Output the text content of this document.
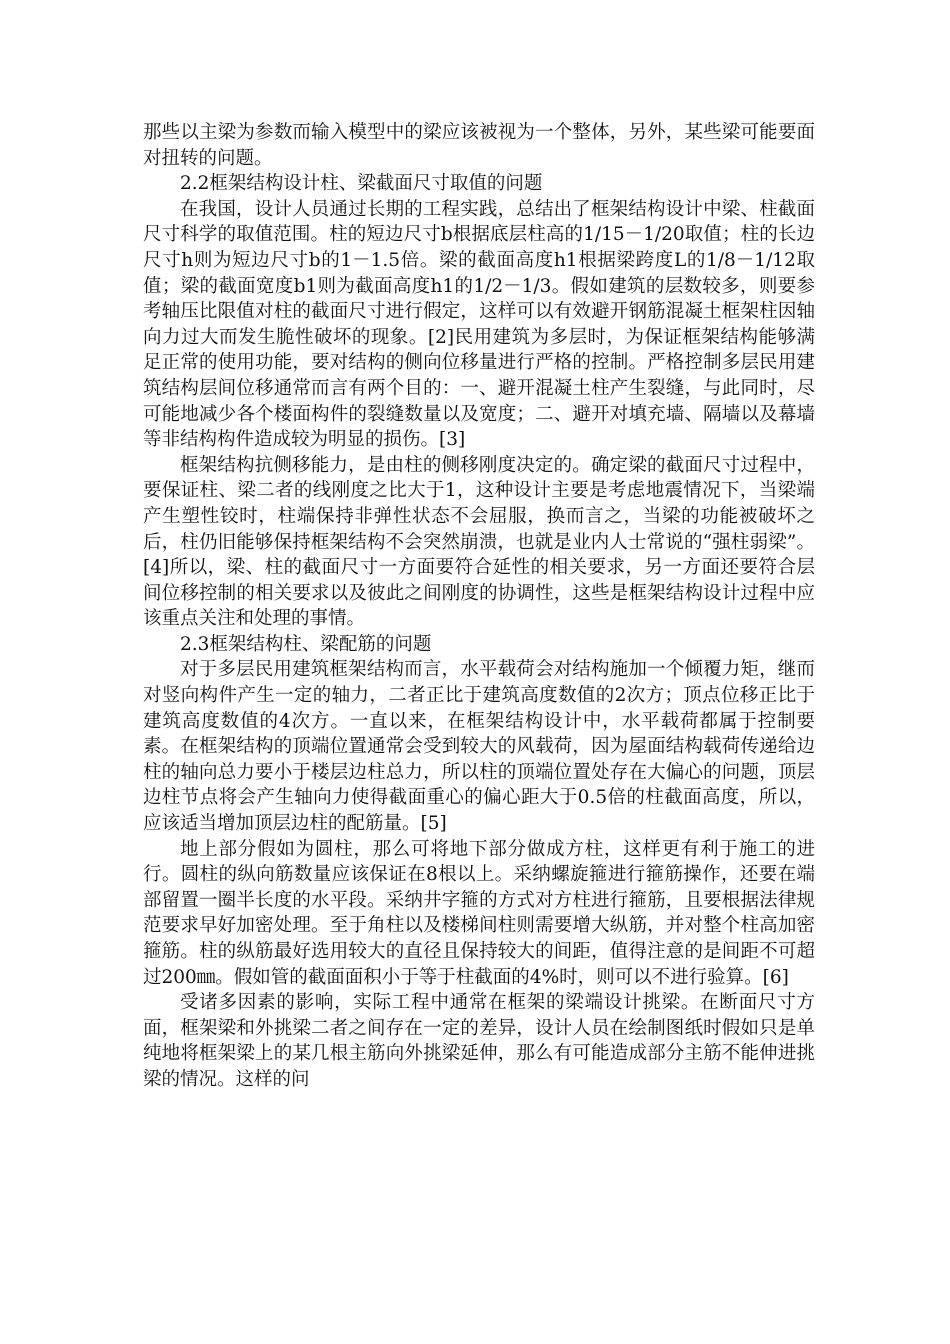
那些以主梁为参数而输入模型中的梁应该被视为一个整体，另外，某些梁可能要面对扭转的问题。

2.2框架结构设计柱、梁截面尺寸取值的问题

在我国，设计人员通过长期的工程实践，总结出了框架结构设计中梁、柱截面尺寸科学的取值范围。柱的短边尺寸b根据底层柱高的1/15－1/20取值；柱的长边尺寸h则为短边尺寸b的1－1.5倍。梁的截面高度h1根据梁跨度L的1/8－1/12取值；梁的截面宽度b1则为截面高度h1的1/2－1/3。假如建筑的层数较多，则要参考轴压比限值对柱的截面尺寸进行假定，这样可以有效避开钢筋混凝土框架柱因轴向力过大而发生脆性破坏的现象。[2]民用建筑为多层时，为保证框架结构能够满足正常的使用功能，要对结构的侧向位移量进行严格的控制。严格控制多层民用建筑结构层间位移通常而言有两个目的：一、避开混凝土柱产生裂缝，与此同时，尽可能地减少各个楼面构件的裂缝数量以及宽度；二、避开对填充墙、隔墙以及幕墙等非结构构件造成较为明显的损伤。[3]

框架结构抗侧移能力，是由柱的侧移刚度决定的。确定梁的截面尺寸过程中，要保证柱、梁二者的线刚度之比大于1，这种设计主要是考虑地震情况下，当梁端产生塑性铰时，柱端保持非弹性状态不会屈服，换而言之，当梁的功能被破坏之后，柱仍旧能够保持框架结构不会突然崩溃，也就是业内人士常说的“强柱弱梁”。[4]所以，梁、柱的截面尺寸一方面要符合延性的相关要求，另一方面还要符合层间位移控制的相关要求以及彼此之间刚度的协调性，这些是框架结构设计过程中应该重点关注和处理的事情。

2.3框架结构柱、梁配筋的问题

对于多层民用建筑框架结构而言，水平载荷会对结构施加一个倾覆力矩，继而对竖向构件产生一定的轴力，二者正比于建筑高度数值的2次方；顶点位移正比于建筑高度数值的4次方。一直以来，在框架结构设计中，水平载荷都属于控制要素。在框架结构的顶端位置通常会受到较大的风载荷，因为屋面结构载荷传递给边柱的轴向总力要小于楼层边柱总力，所以柱的顶端位置处存在大偏心的问题，顶层边柱节点将会产生轴向力使得截面重心的偏心距大于0.5倍的柱截面高度，所以，应该适当增加顶层边柱的配筋量。[5]

地上部分假如为圆柱，那么可将地下部分做成方柱，这样更有利于施工的进行。圆柱的纵向筋数量应该保证在8根以上。采纳螺旋箍进行箍筋操作，还要在端部留置一圈半长度的水平段。采纳井字箍的方式对方柱进行箍筋，且要根据法律规范要求早好加密处理。至于角柱以及楼梯间柱则需要增大纵筋，并对整个柱高加密箍筋。柱的纵筋最好选用较大的直径且保持较大的间距，值得注意的是间距不可超过200㎜。假如管的截面面积小于等于柱截面的4%时，则可以不进行验算。[6]

受诸多因素的影响，实际工程中通常在框架的梁端设计挑梁。在断面尺寸方面，框架梁和外挑梁二者之间存在一定的差异，设计人员在绘制图纸时假如只是单纯地将框架梁上的某几根主筋向外挑梁延伸，那么有可能造成部分主筋不能伸进挑梁的情况。这样的问
